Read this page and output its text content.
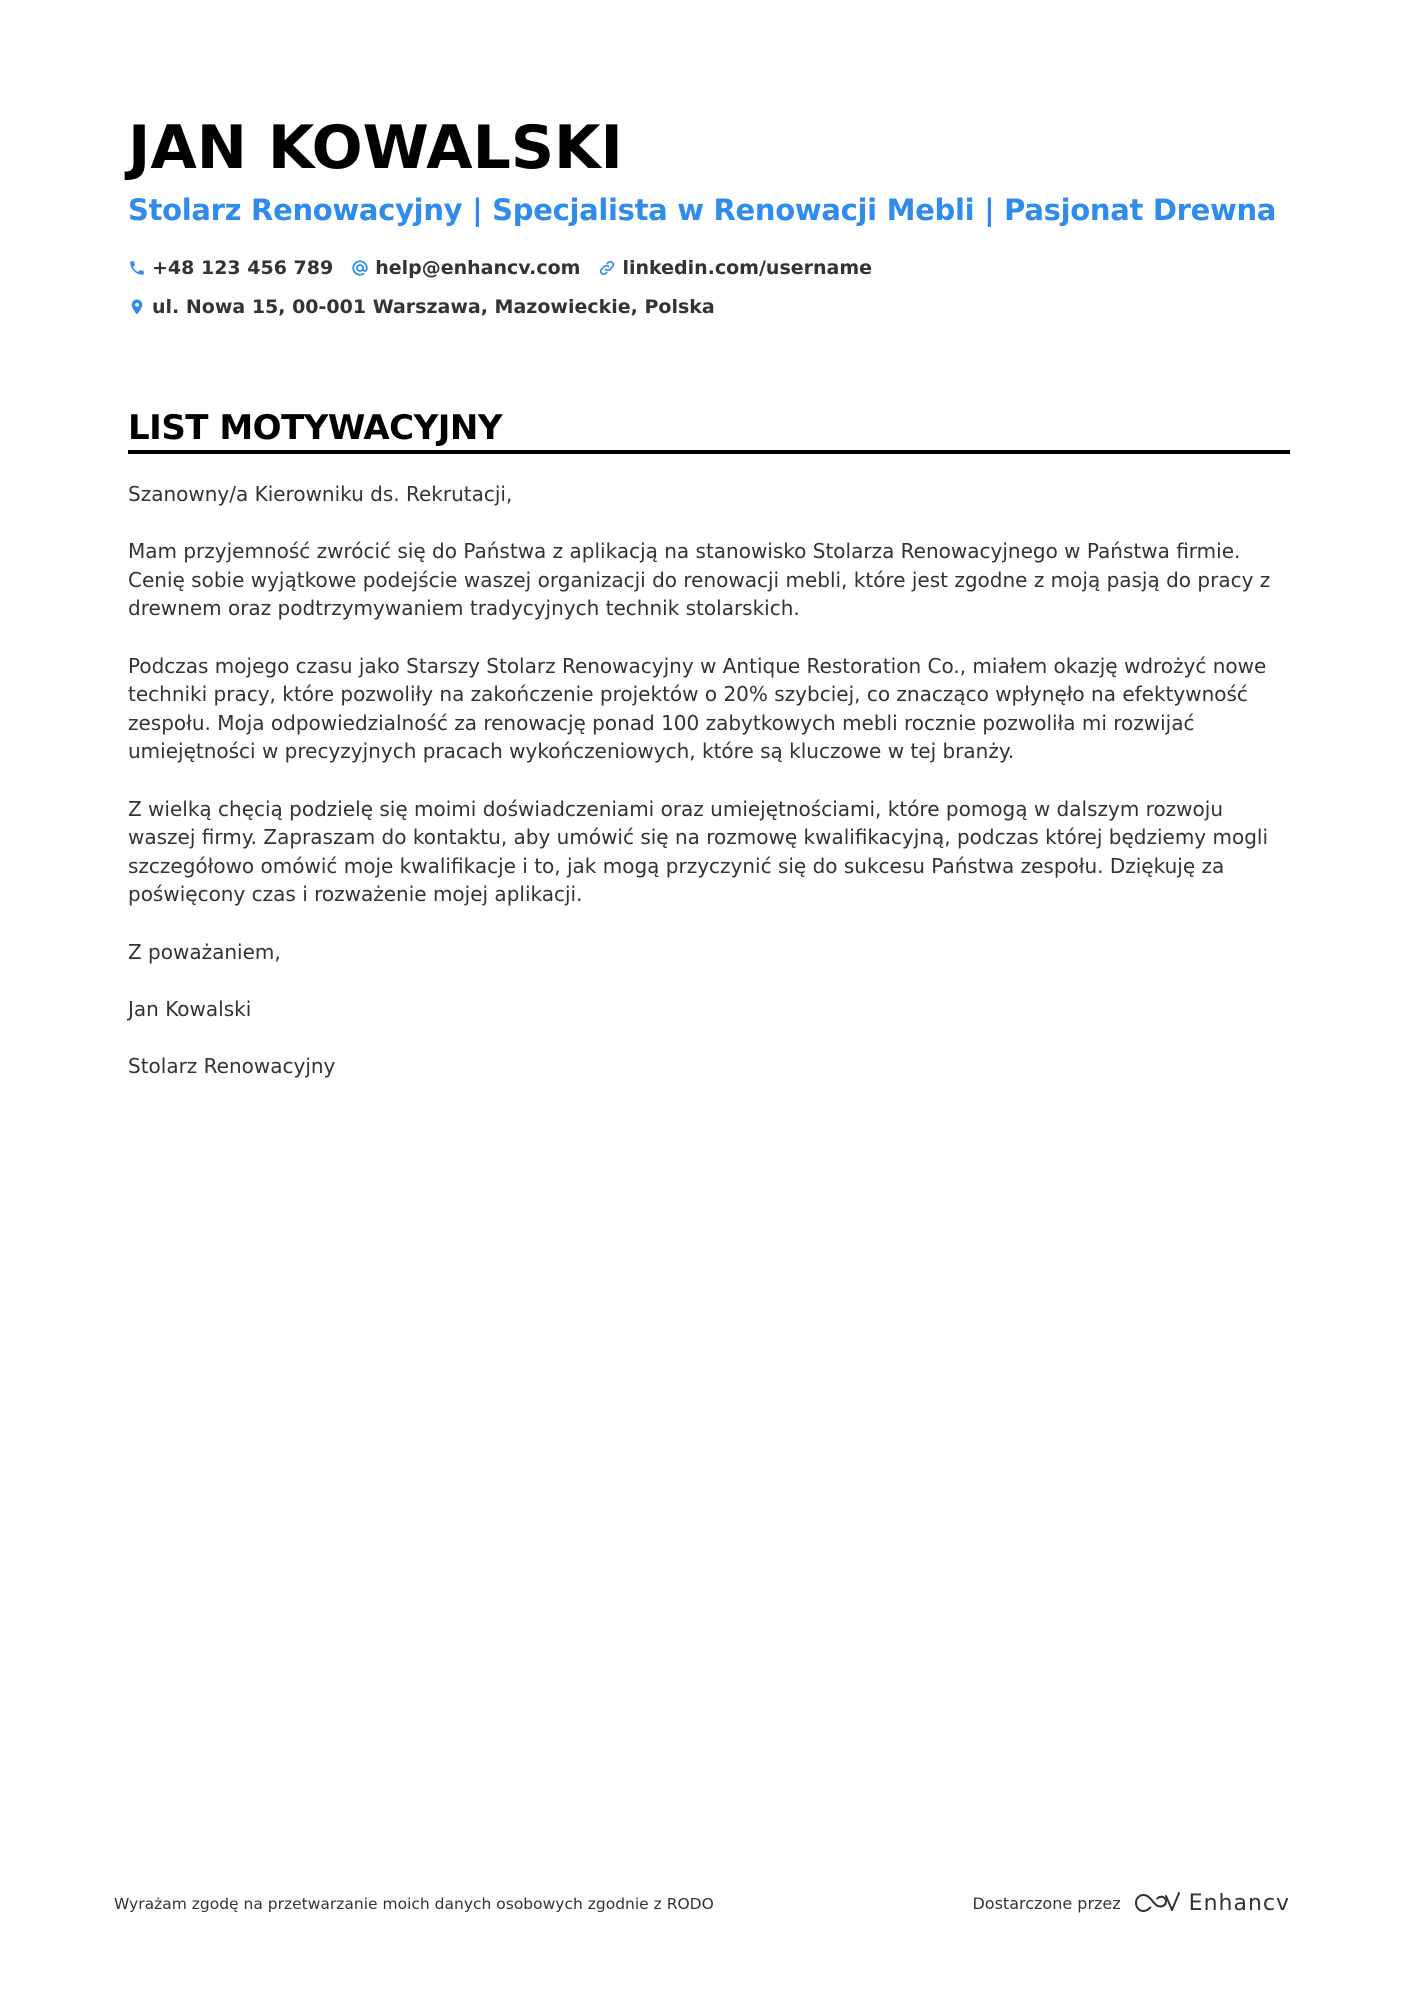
JAN KOWALSKI
Stolarz Renowacyjny | Specjalista w Renowacji Mebli | Pasjonat Drewna
+48 123 456 789 help@enhancv.com linkedin.com/username
ul. Nowa 15, 00-001 Warszawa, Mazowieckie, Polska
LIST MOTYWACYJNY

Szanowny/a Kierowniku ds. Rekrutacji,

Mam przyjemność zwrócić się do Państwa z aplikacją na stanowisko Stolarza Renowacyjnego w Państwa firmie. Cenię sobie wyjątkowe podejście waszej organizacji do renowacji mebli, które jest zgodne z moją pasją do pracy z drewnem oraz podtrzymywaniem tradycyjnych technik stolarskich.

Podczas mojego czasu jako Starszy Stolarz Renowacyjny w Antique Restoration Co., miałem okazję wdrożyć nowe techniki pracy, które pozwoliły na zakończenie projektów o 20% szybciej, co znacząco wpłynęło na efektywność zespołu. Moja odpowiedzialność za renowację ponad 100 zabytkowych mebli rocznie pozwoliła mi rozwijać umiejętności w precyzyjnych pracach wykończeniowych, które są kluczowe w tej branży.

Z wielką chęcią podzielę się moimi doświadczeniami oraz umiejętnościami, które pomogą w dalszym rozwoju waszej firmy. Zapraszam do kontaktu, aby umówić się na rozmowę kwalifikacyjną, podczas której będziemy mogli szczegółowo omówić moje kwalifikacje i to, jak mogą przyczynić się do sukcesu Państwa zespołu. Dziękuję za poświęcony czas i rozważenie mojej aplikacji.

Z poważaniem,

Jan Kowalski

Stolarz Renowacyjny

Wyrażam zgodę na przetwarzanie moich danych osobowych zgodnie z RODO	Dostarczone przez	Enhancv
